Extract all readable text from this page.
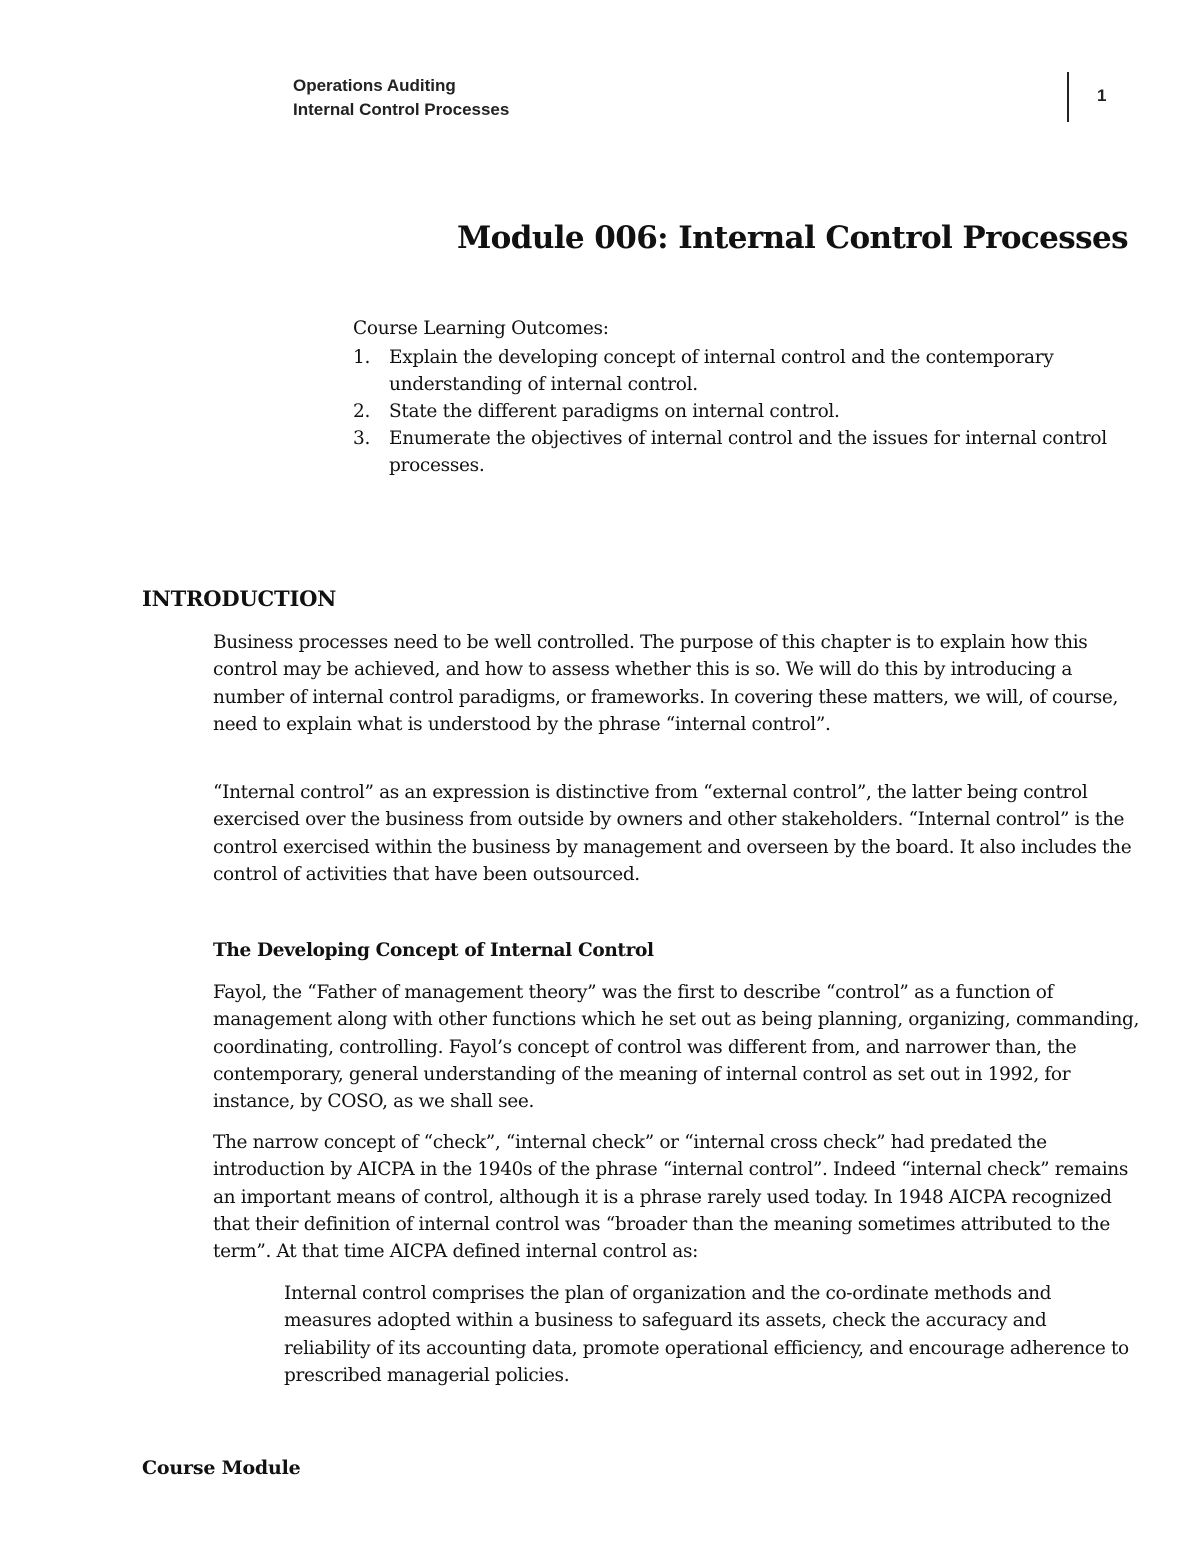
Operations Auditing
Internal Control Processes
1
Module 006: Internal Control Processes

Course Learning Outcomes:

1.	Explain the developing concept of internal control and the contemporary understanding of internal control.
2.	State the different paradigms on internal control.
3.	Enumerate the objectives of internal control and the issues for internal control processes.
INTRODUCTION

Business processes need to be well controlled. The purpose of this chapter is to explain how this control may be achieved, and how to assess whether this is so. We will do this by introducing a number of internal control paradigms, or frameworks. In covering these matters, we will, of course, need to explain what is understood by the phrase “internal control”.

“Internal control” as an expression is distinctive from “external control”, the latter being control exercised over the business from outside by owners and other stakeholders. “Internal control” is the control exercised within the business by management and overseen by the board. It also includes the control of activities that have been outsourced.

The Developing Concept of Internal Control

Fayol, the “Father of management theory” was the first to describe “control” as a function of management along with other functions which he set out as being planning, organizing, commanding, coordinating, controlling. Fayol’s concept of control was different from, and narrower than, the contemporary, general understanding of the meaning of internal control as set out in 1992, for instance, by COSO, as we shall see.

The narrow concept of “check”, “internal check” or “internal cross check” had predated the introduction by AICPA in the 1940s of the phrase “internal control”. Indeed “internal check” remains an important means of control, although it is a phrase rarely used today. In 1948 AICPA recognized that their definition of internal control was “broader than the meaning sometimes attributed to the term”. At that time AICPA defined internal control as:

Internal control comprises the plan of organization and the co-ordinate methods and measures adopted within a business to safeguard its assets, check the accuracy and reliability of its accounting data, promote operational efficiency, and encourage adherence to prescribed managerial policies.
Course Module
